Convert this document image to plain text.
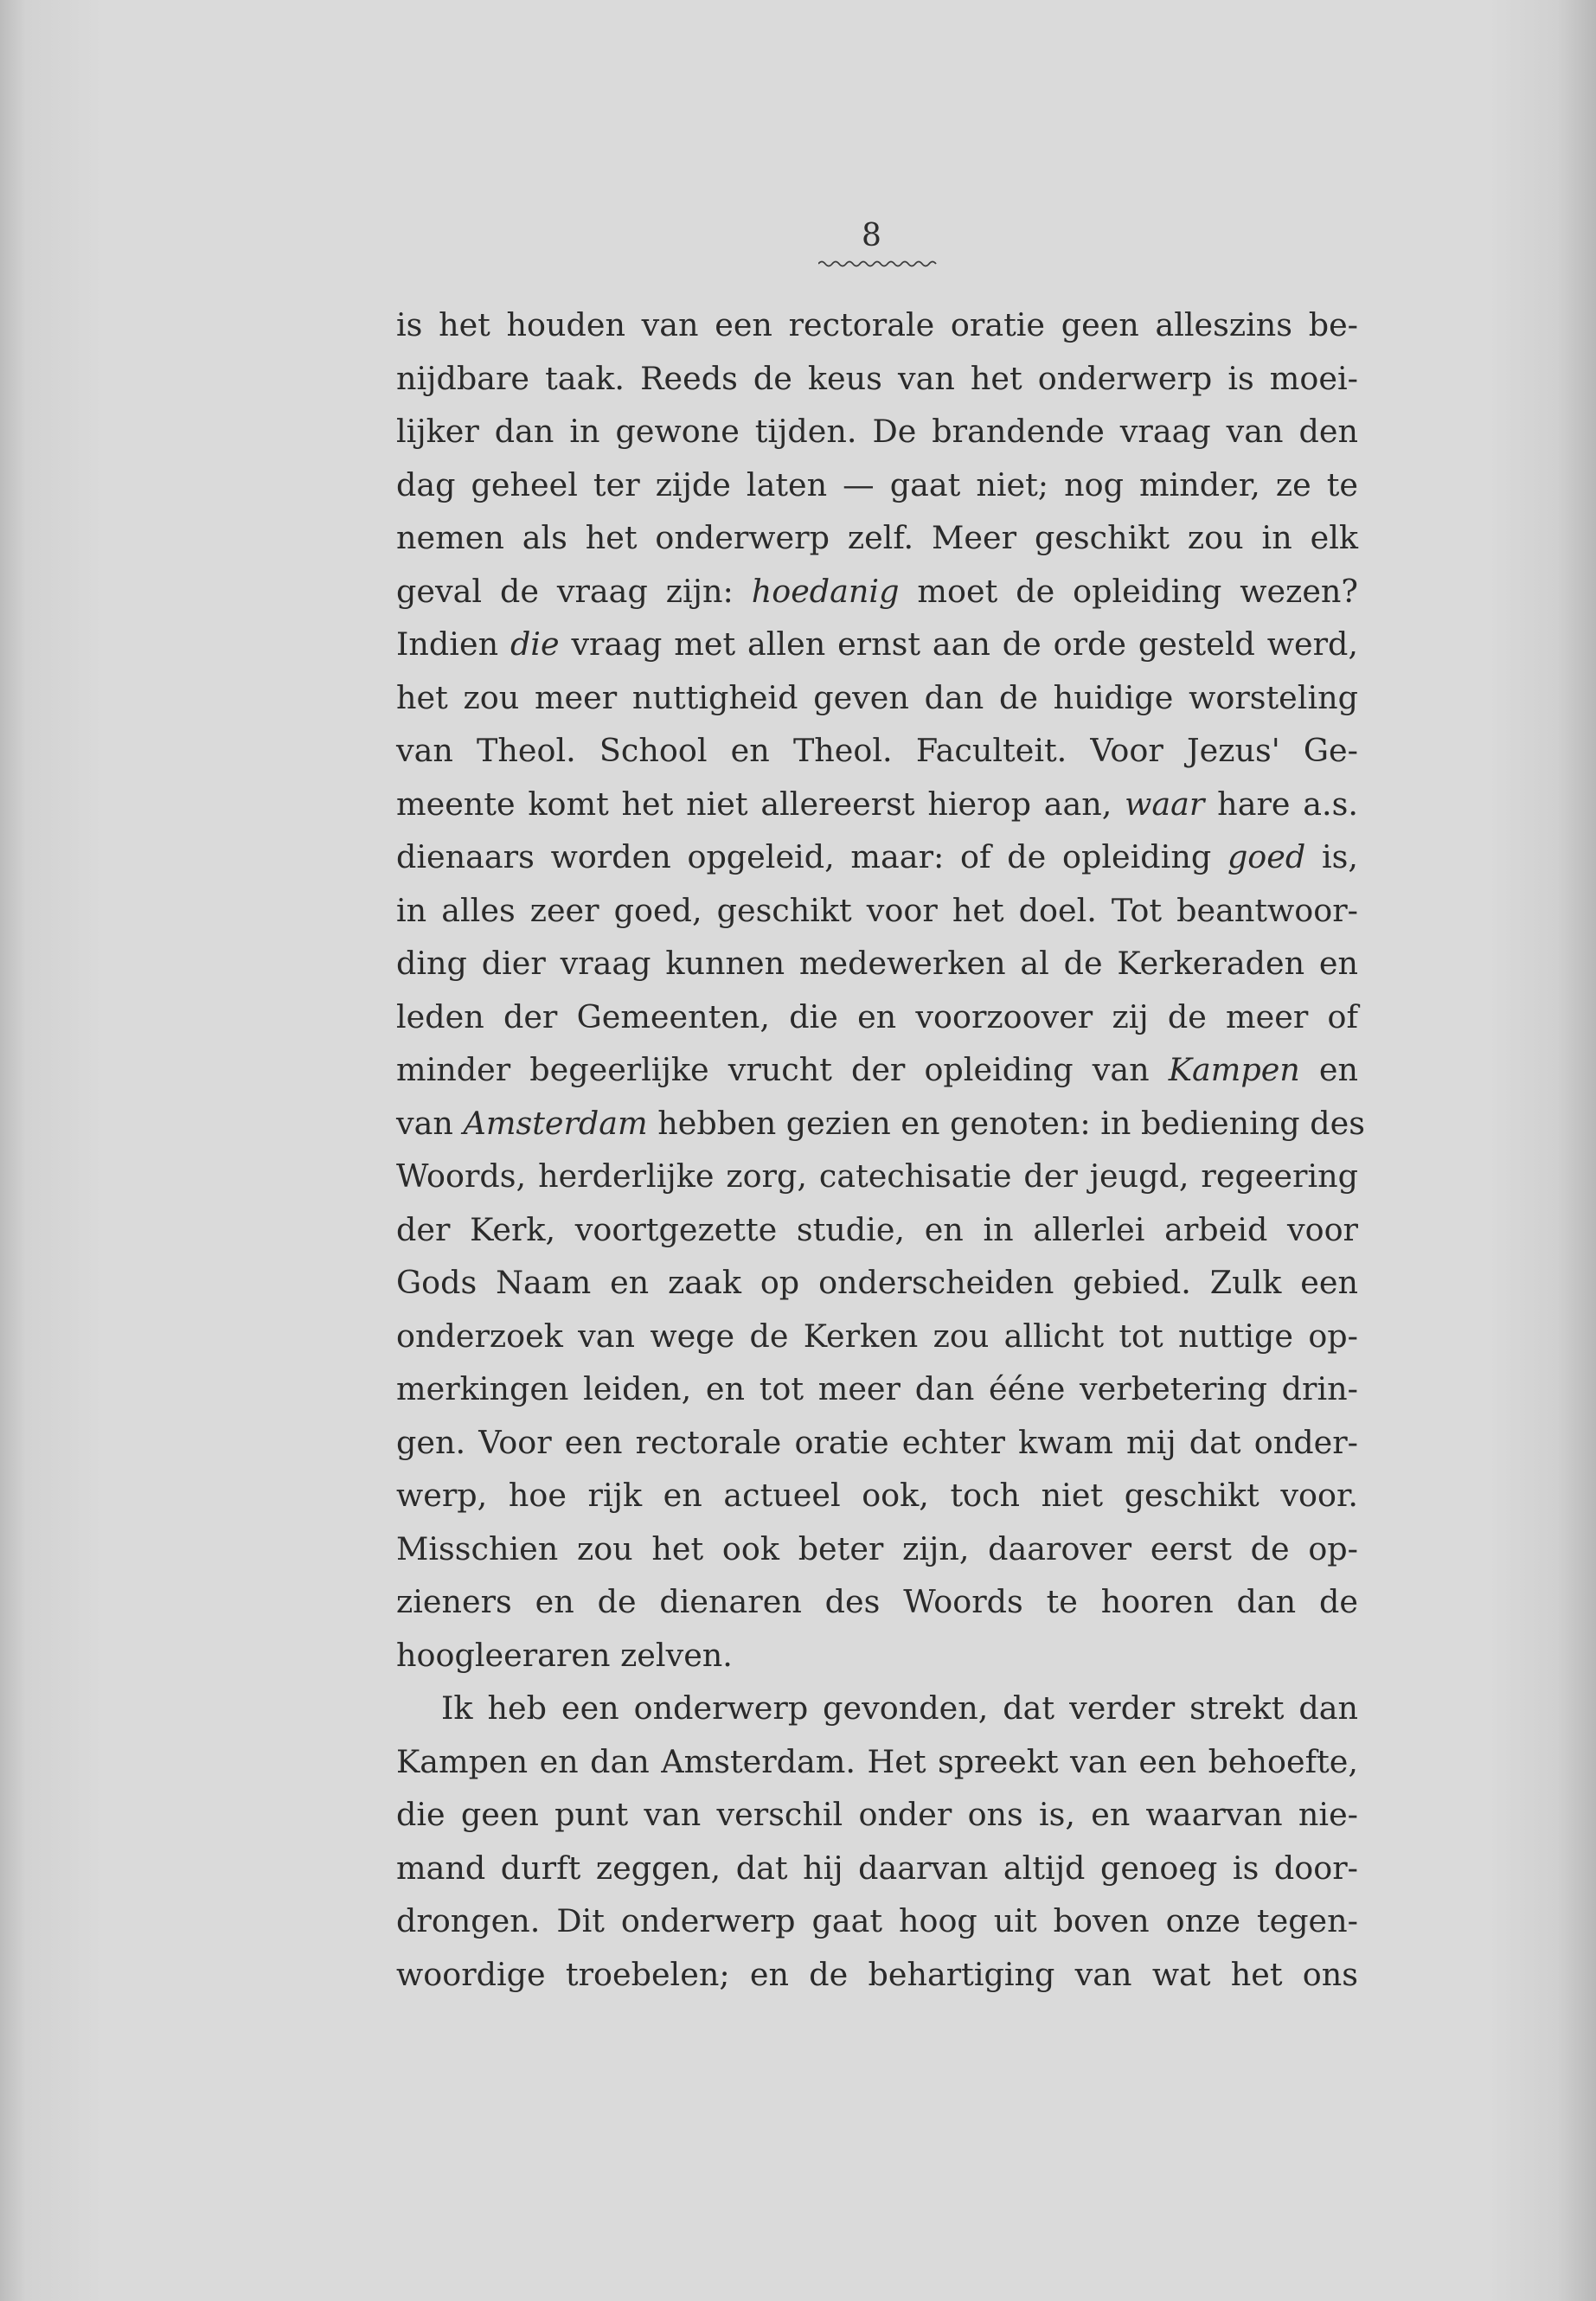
8
is het houden van een rectorale oratie geen alleszins be-
nijdbare taak. Reeds de keus van het onderwerp is moei-
lijker dan in gewone tijden. De brandende vraag van den
dag geheel ter zijde laten — gaat niet; nog minder, ze te
nemen als het onderwerp zelf. Meer geschikt zou in elk
geval de vraag zijn: hoedanig moet de opleiding wezen?
Indien die vraag met allen ernst aan de orde gesteld werd,
het zou meer nuttigheid geven dan de huidige worsteling
van Theol. School en Theol. Faculteit. Voor Jezus' Ge-
meente komt het niet allereerst hierop aan, waar hare a.s.
dienaars worden opgeleid, maar: of de opleiding goed is,
in alles zeer goed, geschikt voor het doel. Tot beantwoor-
ding dier vraag kunnen medewerken al de Kerkeraden en
leden der Gemeenten, die en voorzoover zij de meer of
minder begeerlijke vrucht der opleiding van Kampen en
van Amsterdam hebben gezien en genoten: in bediening des
Woords, herderlijke zorg, catechisatie der jeugd, regeering
der Kerk, voortgezette studie, en in allerlei arbeid voor
Gods Naam en zaak op onderscheiden gebied. Zulk een
onderzoek van wege de Kerken zou allicht tot nuttige op-
merkingen leiden, en tot meer dan ééne verbetering drin-
gen. Voor een rectorale oratie echter kwam mij dat onder-
werp, hoe rijk en actueel ook, toch niet geschikt voor.
Misschien zou het ook beter zijn, daarover eerst de op-
zieners en de dienaren des Woords te hooren dan de
hoogleeraren zelven.
Ik heb een onderwerp gevonden, dat verder strekt dan
Kampen en dan Amsterdam. Het spreekt van een behoefte,
die geen punt van verschil onder ons is, en waarvan nie-
mand durft zeggen, dat hij daarvan altijd genoeg is door-
drongen. Dit onderwerp gaat hoog uit boven onze tegen-
woordige troebelen; en de behartiging van wat het ons
